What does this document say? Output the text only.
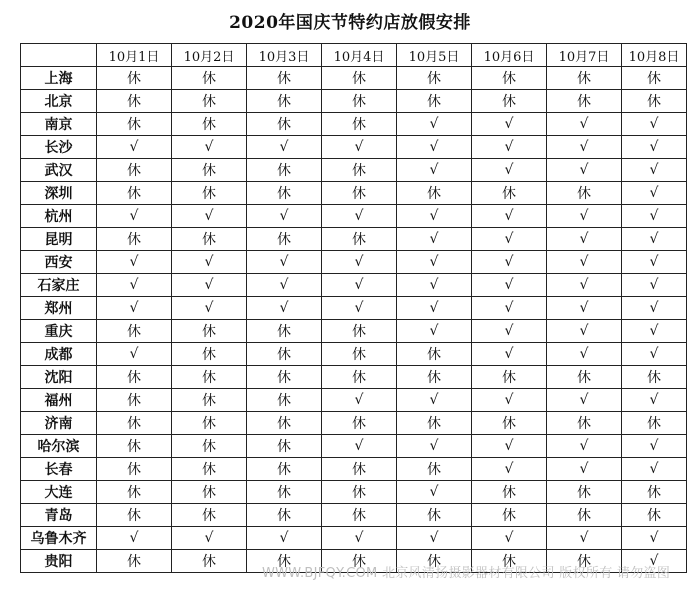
2020年国庆节特约店放假安排
	10月1日	10月2日	10月3日	10月4日	10月5日	10月6日	10月7日	10月8日
上海	休	休	休	休	休	休	休	休
北京	休	休	休	休	休	休	休	休
南京	休	休	休	休	√	√	√	√
长沙	√	√	√	√	√	√	√	√
武汉	休	休	休	休	√	√	√	√
深圳	休	休	休	休	休	休	休	√
杭州	√	√	√	√	√	√	√	√
昆明	休	休	休	休	√	√	√	√
西安	√	√	√	√	√	√	√	√
石家庄	√	√	√	√	√	√	√	√
郑州	√	√	√	√	√	√	√	√
重庆	休	休	休	休	√	√	√	√
成都	√	休	休	休	休	√	√	√
沈阳	休	休	休	休	休	休	休	休
福州	休	休	休	√	√	√	√	√
济南	休	休	休	休	休	休	休	休
哈尔滨	休	休	休	√	√	√	√	√
长春	休	休	休	休	休	√	√	√
大连	休	休	休	休	√	休	休	休
青岛	休	休	休	休	休	休	休	休
乌鲁木齐	√	√	√	√	√	√	√	√
贵阳	休	休	休	休	休	休	休	√
WWW.BJFQY.COM 北京风清扬摄影器材有限公司 版权所有 请勿盗图
